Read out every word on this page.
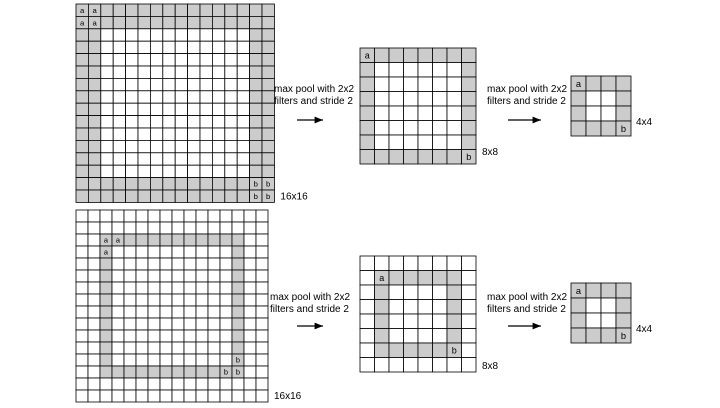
a a
a a
b b
b b 16x16
a
b 8x8
a
b
4x4
max pool with 2x2
filters and stride 2
max pool with 2x2
filters and stride 2
a a
a
b
b b
16x16
a
b
8x8
a
b
4x4
max pool with 2x2
filters and stride 2
max pool with 2x2
filters and stride 2
